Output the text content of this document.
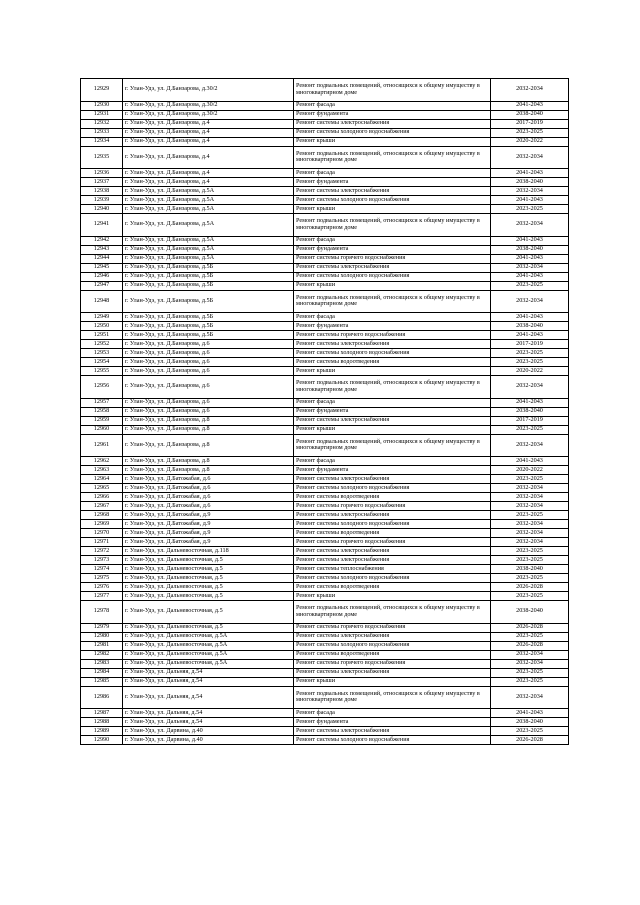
12929	г. Улан-Удэ, ул. Д.Банзарова, д.30/2	Ремонт подвальных помещений, относящихся к общему имуществу в многоквартирном доме	2032-2034
12930	г. Улан-Удэ, ул. Д.Банзарова, д.30/2	Ремонт фасада	2041-2043
12931	г. Улан-Удэ, ул. Д.Банзарова, д.30/2	Ремонт фундамента	2038-2040
12932	г. Улан-Удэ, ул. Д.Банзарова, д.4	Ремонт системы электроснабжения	2017-2019
12933	г. Улан-Удэ, ул. Д.Банзарова, д.4	Ремонт системы холодного водоснабжения	2023-2025
12934	г. Улан-Удэ, ул. Д.Банзарова, д.4	Ремонт крыши	2020-2022
12935	г. Улан-Удэ, ул. Д.Банзарова, д.4	Ремонт подвальных помещений, относящихся к общему имуществу в многоквартирном доме	2032-2034
12936	г. Улан-Удэ, ул. Д.Банзарова, д.4	Ремонт фасада	2041-2043
12937	г. Улан-Удэ, ул. Д.Банзарова, д.4	Ремонт фундамента	2038-2040
12938	г. Улан-Удэ, ул. Д.Банзарова, д.5А	Ремонт системы электроснабжения	2032-2034
12939	г. Улан-Удэ, ул. Д.Банзарова, д.5А	Ремонт системы холодного водоснабжения	2041-2043
12940	г. Улан-Удэ, ул. Д.Банзарова, д.5А	Ремонт крыши	2023-2025
12941	г. Улан-Удэ, ул. Д.Банзарова, д.5А	Ремонт подвальных помещений, относящихся к общему имуществу в многоквартирном доме	2032-2034
12942	г. Улан-Удэ, ул. Д.Банзарова, д.5А	Ремонт фасада	2041-2043
12943	г. Улан-Удэ, ул. Д.Банзарова, д.5А	Ремонт фундамента	2038-2040
12944	г. Улан-Удэ, ул. Д.Банзарова, д.5А	Ремонт системы горячего водоснабжения	2041-2043
12945	г. Улан-Удэ, ул. Д.Банзарова, д.5Б	Ремонт системы электроснабжения	2032-2034
12946	г. Улан-Удэ, ул. Д.Банзарова, д.5Б	Ремонт системы холодного водоснабжения	2041-2043
12947	г. Улан-Удэ, ул. Д.Банзарова, д.5Б	Ремонт крыши	2023-2025
12948	г. Улан-Удэ, ул. Д.Банзарова, д.5Б	Ремонт подвальных помещений, относящихся к общему имуществу в многоквартирном доме	2032-2034
12949	г. Улан-Удэ, ул. Д.Банзарова, д.5Б	Ремонт фасада	2041-2043
12950	г. Улан-Удэ, ул. Д.Банзарова, д.5Б	Ремонт фундамента	2038-2040
12951	г. Улан-Удэ, ул. Д.Банзарова, д.5Б	Ремонт системы горячего водоснабжения	2041-2043
12952	г. Улан-Удэ, ул. Д.Банзарова, д.6	Ремонт системы электроснабжения	2017-2019
12953	г. Улан-Удэ, ул. Д.Банзарова, д.6	Ремонт системы холодного водоснабжения	2023-2025
12954	г. Улан-Удэ, ул. Д.Банзарова, д.6	Ремонт системы водоотведения	2023-2025
12955	г. Улан-Удэ, ул. Д.Банзарова, д.6	Ремонт крыши	2020-2022
12956	г. Улан-Удэ, ул. Д.Банзарова, д.6	Ремонт подвальных помещений, относящихся к общему имуществу в многоквартирном доме	2032-2034
12957	г. Улан-Удэ, ул. Д.Банзарова, д.6	Ремонт фасада	2041-2043
12958	г. Улан-Удэ, ул. Д.Банзарова, д.6	Ремонт фундамента	2038-2040
12959	г. Улан-Удэ, ул. Д.Банзарова, д.8	Ремонт системы электроснабжения	2017-2019
12960	г. Улан-Удэ, ул. Д.Банзарова, д.8	Ремонт крыши	2023-2025
12961	г. Улан-Удэ, ул. Д.Банзарова, д.8	Ремонт подвальных помещений, относящихся к общему имуществу в многоквартирном доме	2032-2034
12962	г. Улан-Удэ, ул. Д.Банзарова, д.8	Ремонт фасада	2041-2043
12963	г. Улан-Удэ, ул. Д.Банзарова, д.8	Ремонт фундамента	2020-2022
12964	г. Улан-Удэ, ул. Д.Батожабая, д.6	Ремонт системы электроснабжения	2023-2025
12965	г. Улан-Удэ, ул. Д.Батожабая, д.6	Ремонт системы холодного водоснабжения	2032-2034
12966	г. Улан-Удэ, ул. Д.Батожабая, д.6	Ремонт системы водоотведения	2032-2034
12967	г. Улан-Удэ, ул. Д.Батожабая, д.6	Ремонт системы горячего водоснабжения	2032-2034
12968	г. Улан-Удэ, ул. Д.Батожабая, д.9	Ремонт системы электроснабжения	2023-2025
12969	г. Улан-Удэ, ул. Д.Батожабая, д.9	Ремонт системы холодного водоснабжения	2032-2034
12970	г. Улан-Удэ, ул. Д.Батожабая, д.9	Ремонт системы водоотведения	2032-2034
12971	г. Улан-Удэ, ул. Д.Батожабая, д.9	Ремонт системы горячего водоснабжения	2032-2034
12972	г. Улан-Удэ, ул. Дальневосточная, д.118	Ремонт системы электроснабжения	2023-2025
12973	г. Улан-Удэ, ул. Дальневосточная, д.5	Ремонт системы электроснабжения	2023-2025
12974	г. Улан-Удэ, ул. Дальневосточная, д.5	Ремонт системы теплоснабжения	2038-2040
12975	г. Улан-Удэ, ул. Дальневосточная, д.5	Ремонт системы холодного водоснабжения	2023-2025
12976	г. Улан-Удэ, ул. Дальневосточная, д.5	Ремонт системы водоотведения	2026-2028
12977	г. Улан-Удэ, ул. Дальневосточная, д.5	Ремонт крыши	2023-2025
12978	г. Улан-Удэ, ул. Дальневосточная, д.5	Ремонт подвальных помещений, относящихся к общему имуществу в многоквартирном доме	2038-2040
12979	г. Улан-Удэ, ул. Дальневосточная, д.5	Ремонт системы горячего водоснабжения	2026-2028
12980	г. Улан-Удэ, ул. Дальневосточная, д.5А	Ремонт системы электроснабжения	2023-2025
12981	г. Улан-Удэ, ул. Дальневосточная, д.5А	Ремонт системы холодного водоснабжения	2026-2028
12982	г. Улан-Удэ, ул. Дальневосточная, д.5А	Ремонт системы водоотведения	2032-2034
12983	г. Улан-Удэ, ул. Дальневосточная, д.5А	Ремонт системы горячего водоснабжения	2032-2034
12984	г. Улан-Удэ, ул. Дальняя, д.54	Ремонт системы электроснабжения	2023-2025
12985	г. Улан-Удэ, ул. Дальняя, д.54	Ремонт крыши	2023-2025
12986	г. Улан-Удэ, ул. Дальняя, д.54	Ремонт подвальных помещений, относящихся к общему имуществу в многоквартирном доме	2032-2034
12987	г. Улан-Удэ, ул. Дальняя, д.54	Ремонт фасада	2041-2043
12988	г. Улан-Удэ, ул. Дальняя, д.54	Ремонт фундамента	2038-2040
12989	г. Улан-Удэ, ул. Дарвина, д.40	Ремонт системы электроснабжения	2023-2025
12990	г. Улан-Удэ, ул. Дарвина, д.40	Ремонт системы холодного водоснабжения	2026-2028
